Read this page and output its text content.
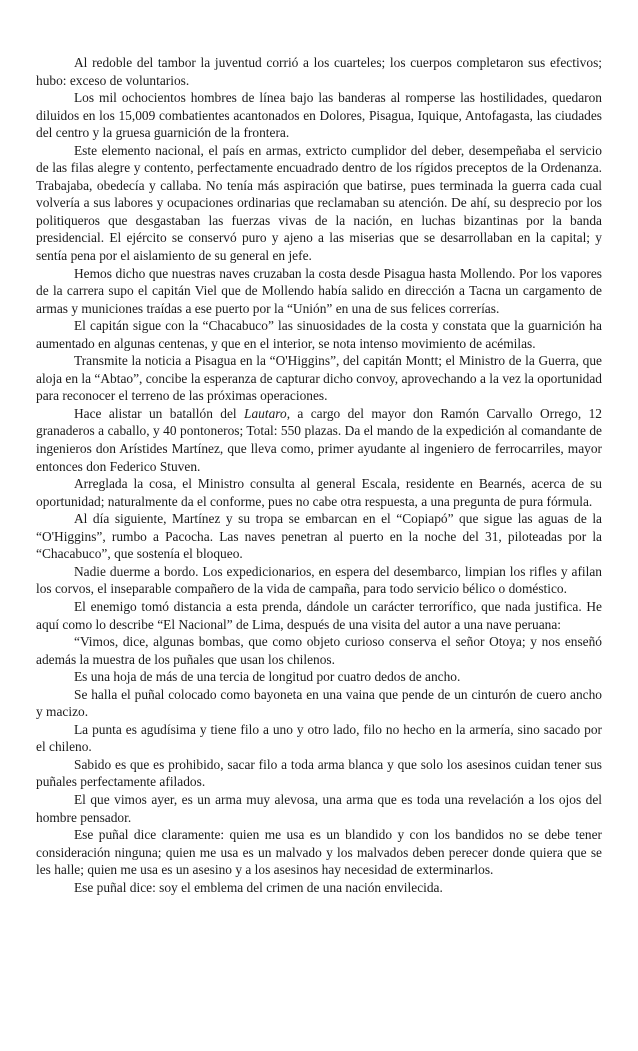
Al redoble del tambor la juventud corrió a los cuarteles; los cuerpos completaron sus efectivos; hubo: exceso de voluntarios.

Los mil ochocientos hombres de línea bajo las banderas al romperse las hostilidades, quedaron diluidos en los 15,009 combatientes acantonados en Dolores, Pisagua, Iquique, Antofagasta, las ciudades del centro y la gruesa guarnición de la frontera.

Este elemento nacional, el país en armas, extricto cumplidor del deber, desempeñaba el servicio de las filas alegre y contento, perfectamente encuadrado dentro de los rígidos preceptos de la Ordenanza. Trabajaba, obedecía y callaba. No tenía más aspiración que batirse, pues terminada la guerra cada cual volvería a sus labores y ocupaciones ordinarias que reclamaban su atención. De ahí, su desprecio por los politiqueros que desgastaban las fuerzas vivas de la nación, en luchas bizantinas por la banda presidencial. El ejército se conservó puro y ajeno a las miserias que se desarrollaban en la capital; y sentía pena por el aislamiento de su general en jefe.

Hemos dicho que nuestras naves cruzaban la costa desde Pisagua hasta Mollendo. Por los vapores de la carrera supo el capitán Viel que de Mollendo había salido en dirección a Tacna un cargamento de armas y municiones traídas a ese puerto por la “Unión” en una de sus felices correrías.

El capitán sigue con la “Chacabuco” las sinuosidades de la costa y constata que la guarnición ha aumentado en algunas centenas, y que en el interior, se nota intenso movimiento de acémilas.

Transmite la noticia a Pisagua en la “O'Higgins”, del capitán Montt; el Ministro de la Guerra, que aloja en la “Abtao”, concibe la esperanza de capturar dicho convoy, aprovechando a la vez la oportunidad para reconocer el terreno de las próximas operaciones.

Hace alistar un batallón del Lautaro, a cargo del mayor don Ramón Carvallo Orrego, 12 granaderos a caballo, y 40 pontoneros; Total: 550 plazas. Da el mando de la expedición al comandante de ingenieros don Arístides Martínez, que lleva como, primer ayudante al ingeniero de ferrocarriles, mayor entonces don Federico Stuven.

Arreglada la cosa, el Ministro consulta al general Escala, residente en Bearnés, acerca de su oportunidad; naturalmente da el conforme, pues no cabe otra respuesta, a una pregunta de pura fórmula.

Al día siguiente, Martínez y su tropa se embarcan en el “Copiapó” que sigue las aguas de la “O'Higgins”, rumbo a Pacocha. Las naves penetran al puerto en la noche del 31, piloteadas por la “Chacabuco”, que sostenía el bloqueo.

Nadie duerme a bordo. Los expedicionarios, en espera del desembarco, limpian los rifles y afilan los corvos, el inseparable compañero de la vida de campaña, para todo servicio bélico o doméstico.

El enemigo tomó distancia a esta prenda, dándole un carácter terrorífico, que nada justifica. He aquí como lo describe “El Nacional” de Lima, después de una visita del autor a una nave peruana:

“Vimos, dice, algunas bombas, que como objeto curioso conserva el señor Otoya; y nos enseñó además la muestra de los puñales que usan los chilenos.

Es una hoja de más de una tercia de longitud por cuatro dedos de ancho.

Se halla el puñal colocado como bayoneta en una vaina que pende de un cinturón de cuero ancho y macizo.

La punta es agudísima y tiene filo a uno y otro lado, filo no hecho en la armería, sino sacado por el chileno.

Sabido es que es prohibido, sacar filo a toda arma blanca y que solo los asesinos cuidan tener sus puñales perfectamente afilados.

El que vimos ayer, es un arma muy alevosa, una arma que es toda una revelación a los ojos del hombre pensador.

Ese puñal dice claramente: quien me usa es un blandido y con los bandidos no se debe tener consideración ninguna; quien me usa es un malvado y los malvados deben perecer donde quiera que se les halle; quien me usa es un asesino y a los asesinos hay necesidad de exterminarlos.

Ese puñal dice: soy el emblema del crimen de una nación envilecida.
